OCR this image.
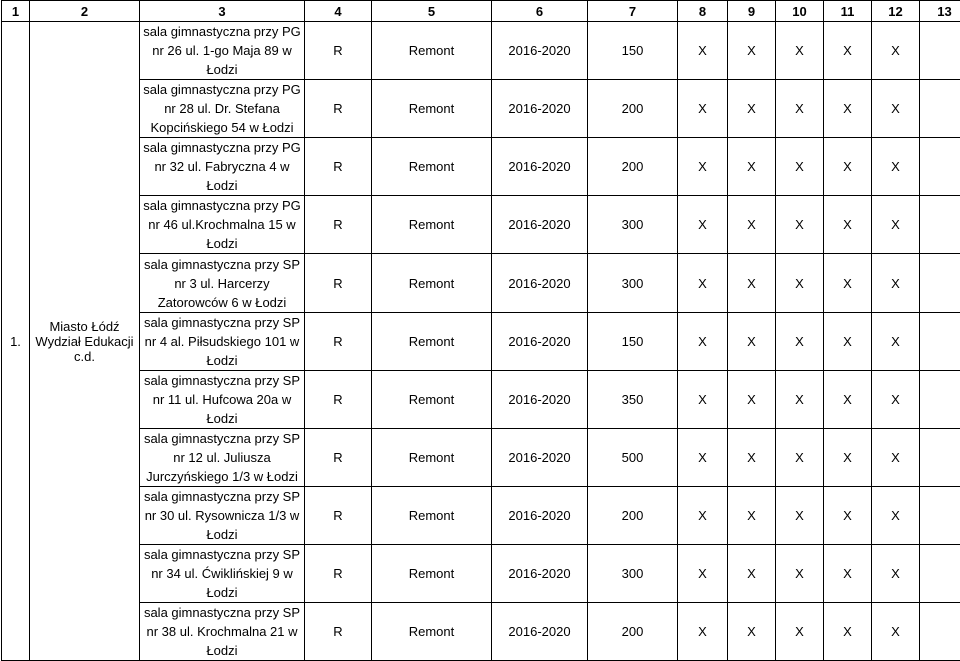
1	2	3	4	5	6	7	8	9	10	11	12	13
1.	Miasto Łódź Wydział Edukacji c.d.	sala gimnastyczna przy PG nr 26 ul. 1-go Maja 89 w Łodzi	R	Remont	2016-2020	150	X	X	X	X	X	
		sala gimnastyczna przy PG nr 28 ul. Dr. Stefana Kopcińskiego 54 w Łodzi	R	Remont	2016-2020	200	X	X	X	X	X	
		sala gimnastyczna przy PG nr 32 ul. Fabryczna 4 w Łodzi	R	Remont	2016-2020	200	X	X	X	X	X	
		sala gimnastyczna przy PG nr 46 ul.Krochmalna 15 w Łodzi	R	Remont	2016-2020	300	X	X	X	X	X	
		sala gimnastyczna przy SP nr 3 ul. Harcerzy Zatorowców 6 w Łodzi	R	Remont	2016-2020	300	X	X	X	X	X	
		sala gimnastyczna przy SP nr 4 al. Piłsudskiego 101 w Łodzi	R	Remont	2016-2020	150	X	X	X	X	X	
		sala gimnastyczna przy SP nr 11 ul. Hufcowa 20a w Łodzi	R	Remont	2016-2020	350	X	X	X	X	X	
		sala gimnastyczna przy SP nr 12 ul. Juliusza Jurczyńskiego 1/3 w Łodzi	R	Remont	2016-2020	500	X	X	X	X	X	
		sala gimnastyczna przy SP nr 30 ul. Rysownicza 1/3 w Łodzi	R	Remont	2016-2020	200	X	X	X	X	X	
		sala gimnastyczna przy SP nr 34 ul. Ćwiklińskiej 9 w Łodzi	R	Remont	2016-2020	300	X	X	X	X	X	
		sala gimnastyczna przy SP nr 38 ul. Krochmalna 21 w Łodzi	R	Remont	2016-2020	200	X	X	X	X	X	
